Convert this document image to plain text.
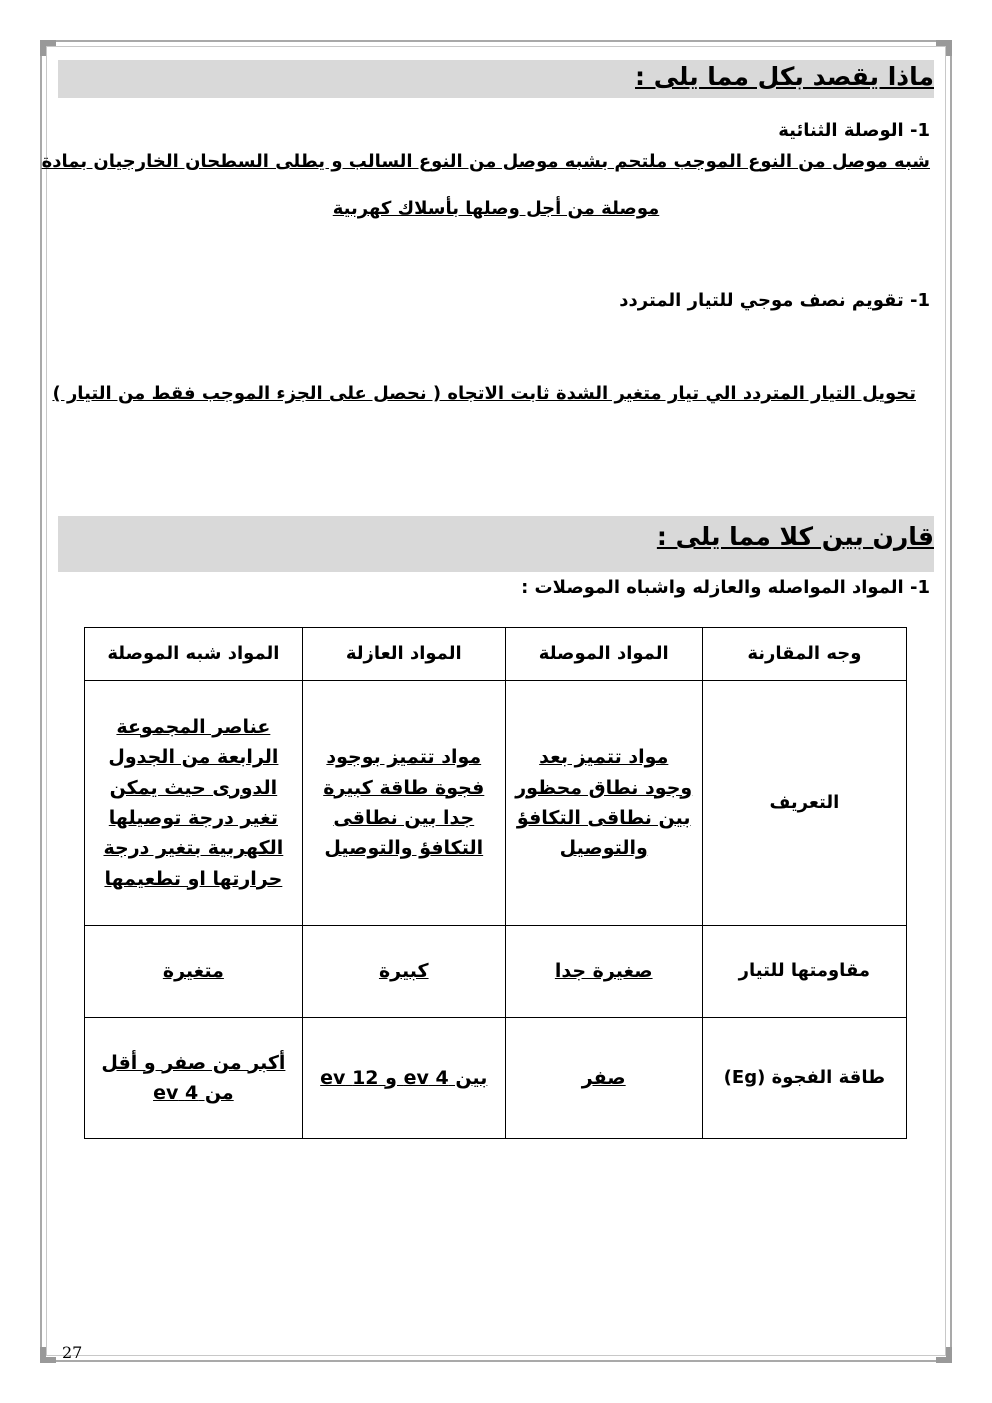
ماذا يقصد بكل مما يلى :
1- الوصلة الثنائية
شبه موصل من النوع الموجب ملتحم بشبه موصل من النوع السالب و يطلى السطحان الخارجيان بمادة
موصلة من أجل وصلها بأسلاك كهربية
1- تقويم نصف موجي للتيار المتردد
تحويل التيار المتردد الي تيار متغير الشدة ثابت الاتجاه ( نحصل على الجزء الموجب فقط من التيار )
قارن بين كلا مما يلى :
1- المواد المواصله والعازله واشباه الموصلات :
وجه المقارنة	المواد الموصلة	المواد العازلة	المواد شبه الموصلة
التعريف	مواد تتميز بعد وجود نطاق محظور بين نطاقى التكافؤ والتوصيل	مواد تتميز بوجود فجوة طاقة كبيرة جدا بين نطاقى التكافؤ والتوصيل	عناصر المجموعة الرابعة من الجدول الدورى حيث يمكن تغير درجة توصيلها الكهربية بتغير درجة حرارتها او تطعيمها
مقاومتها للتيار	صغيرة جدا	كبيرة	متغيرة
طاقة الفجوة (Eg)	صفر	بين 4 ev و 12 ev	أكبر من صفر و أقل من 4 ev
27
